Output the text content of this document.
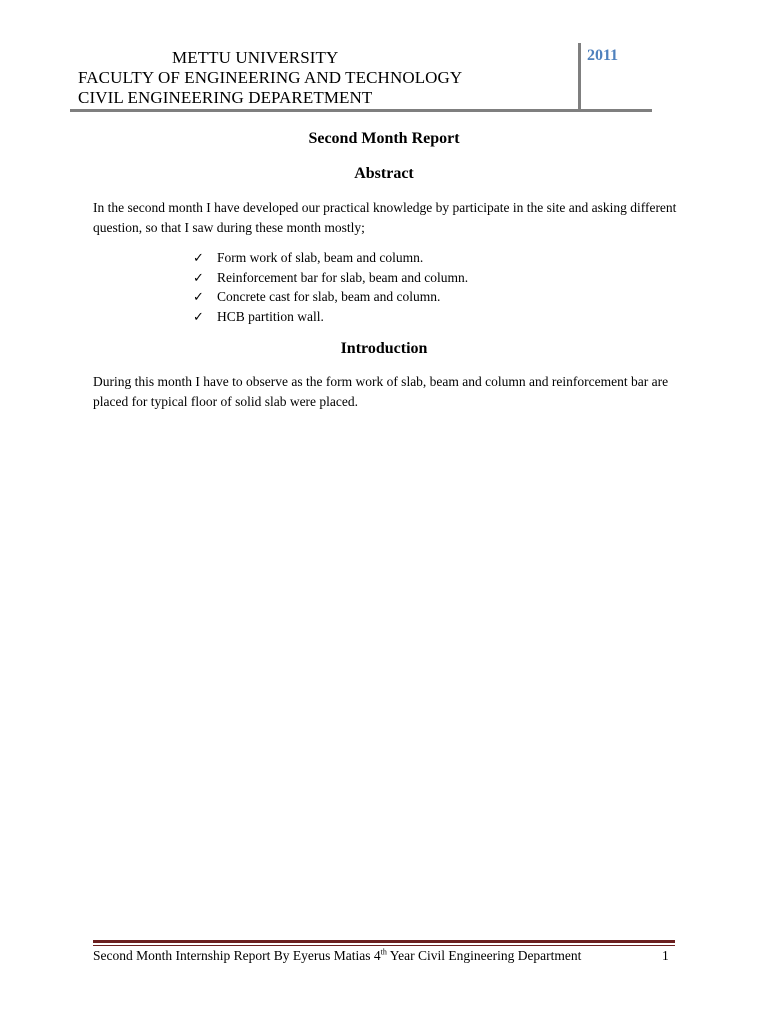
METTU UNIVERSITY
FACULTY OF ENGINEERING AND TECHNOLOGY
CIVIL ENGINEERING DEPARETMENT
2011
Second Month Report
Abstract
In the second month I have developed our practical knowledge by participate in the site and asking different question, so that I saw during these month mostly;
✓ Form work of slab, beam and column.
✓ Reinforcement bar for slab, beam and column.
✓ Concrete cast for slab, beam and column.
✓ HCB partition wall.
Introduction
During this month I have to observe as the form work of slab, beam and column and reinforcement bar are placed for typical floor of solid slab were placed.
Second Month Internship Report By Eyerus Matias 4th Year Civil Engineering Department	1
